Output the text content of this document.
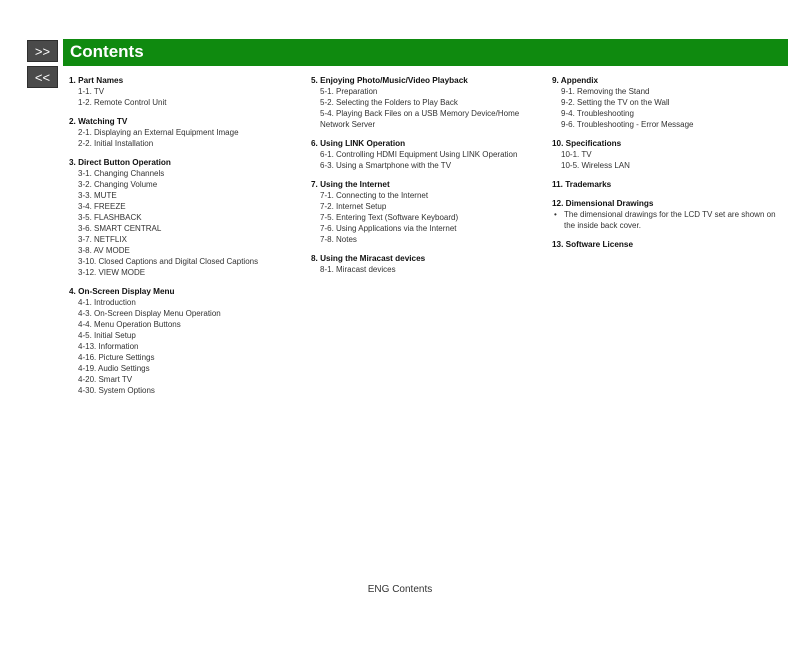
>>
<<
Contents
1. Part Names
1-1. TV
1-2. Remote Control Unit
2. Watching TV
2-1. Displaying an External Equipment Image
2-2. Initial Installation
3. Direct Button Operation
3-1. Changing Channels
3-2. Changing Volume
3-3. MUTE
3-4. FREEZE
3-5. FLASHBACK
3-6. SMART CENTRAL
3-7. NETFLIX
3-8. AV MODE
3-10. Closed Captions and Digital Closed Captions
3-12. VIEW MODE
4. On-Screen Display Menu
4-1. Introduction
4-3. On-Screen Display Menu Operation
4-4. Menu Operation Buttons
4-5. Initial Setup
4-13. Information
4-16. Picture Settings
4-19. Audio Settings
4-20. Smart TV
4-30. System Options
5. Enjoying Photo/Music/Video Playback
5-1. Preparation
5-2. Selecting the Folders to Play Back
5-4. Playing Back Files on a USB Memory Device/Home Network Server
6. Using LINK Operation
6-1. Controlling HDMI Equipment Using LINK Operation
6-3. Using a Smartphone with the TV
7. Using the Internet
7-1. Connecting to the Internet
7-2. Internet Setup
7-5. Entering Text (Software Keyboard)
7-6. Using Applications via the Internet
7-8. Notes
8. Using the Miracast devices
8-1. Miracast devices
9. Appendix
9-1. Removing the Stand
9-2. Setting the TV on the Wall
9-4. Troubleshooting
9-6. Troubleshooting - Error Message
10. Specifications
10-1. TV
10-5. Wireless LAN
11. Trademarks
12. Dimensional Drawings
• The dimensional drawings for the LCD TV set are shown on the inside back cover.
13. Software License
ENG Contents
